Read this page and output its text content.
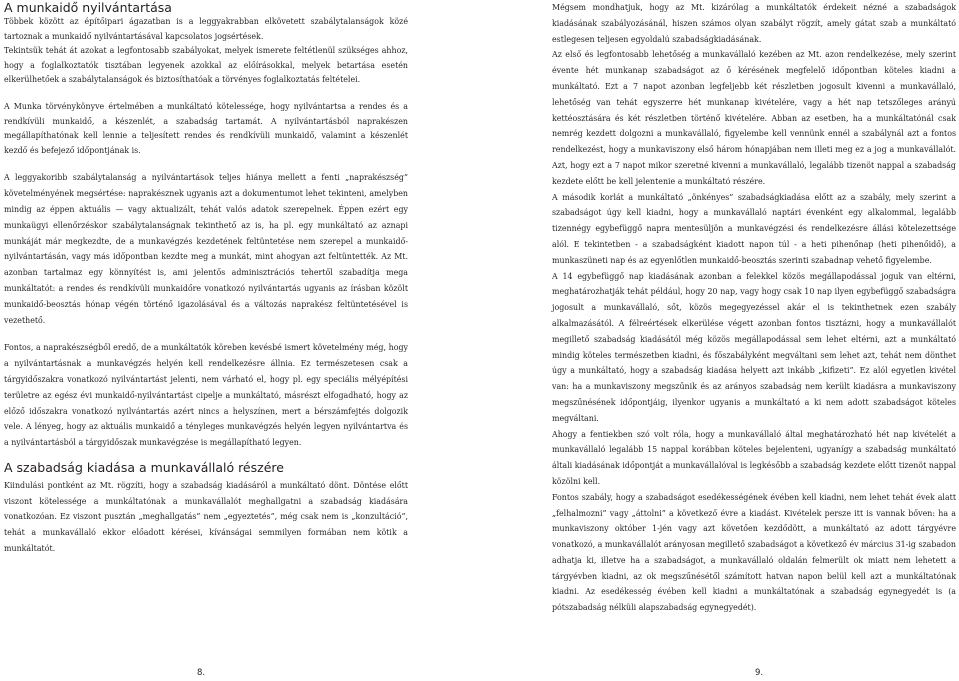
A munkaidő nyilvántartása

Többek között az építőipari ágazatban is a leggyakrabban elkövetett szabálytalanságok közé tartoznak a munkaidő nyilvántartásával kapcsolatos jogsértések.

Tekintsük tehát át azokat a legfontosabb szabályokat, melyek ismerete feltétlenül szükséges ahhoz, hogy a foglalkoztatók tisztában legyenek azokkal az előírásokkal, melyek betartása esetén elkerülhetőek a szabálytalanságok és biztosíthatóak a törvényes foglalkoztatás feltételei.

A Munka törvénykönyve értelmében a munkáltató kötelessége, hogy nyilvántartsa a rendes és a rendkívüli munkaidő, a készenlét, a szabadság tartamát. A nyilvántartásból naprakészen megállapíthatónak kell lennie a teljesített rendes és rendkívüli munkaidő, valamint a készenlét kezdő és befejező időpontjának is.

A leggyakoribb szabálytalanság a nyilvántartások teljes hiánya mellett a fenti „naprakészség” követelményének megsértése: naprakésznek ugyanis azt a dokumentumot lehet tekinteni, amelyben mindig az éppen aktuális — vagy aktualizált, tehát valós adatok szerepelnek. Éppen ezért egy munkaügyi ellenőrzéskor szabálytalanságnak tekinthető az is, ha pl. egy munkáltató az aznapi munkáját már megkezdte, de a munkavégzés kezdetének feltüntetése nem szerepel a munkaidő-nyilvántartásán, vagy más időpontban kezdte meg a munkát, mint ahogyan azt feltüntették. Az Mt. azonban tartalmaz egy könnyítést is, ami jelentős adminisztrációs tehertől szabadítja mega munkáltatót: a rendes és rendkívüli munkaidőre vonatkozó nyilvántartás ugyanis az írásban közölt munkaidő-beosztás hónap végén történő igazolásával és a változás naprakész feltüntetésével is vezethető.

Fontos, a naprakészségből eredő, de a munkáltatók köreben kevésbé ismert követelmény még, hogy a nyilvántartásnak a munkavégzés helyén kell rendelkezésre állnia. Ez természetesen csak a tárgyidőszakra vonatkozó nyilvántartást jelenti, nem várható el, hogy pl. egy speciális mélyépítési területre az egész évi munkaidő-nyilvántartást cipelje a munkáltató, másrészt elfogadható, hogy az előző időszakra vonatkozó nyilvántartás azért nincs a helyszínen, mert a bérszámfejtés dolgozik vele. A lényeg, hogy az aktuális munkaidő a tényleges munkavégzés helyén legyen nyilvántartva és a nyilvántartásból a tárgyidőszak munkavégzése is megállapítható legyen.

A szabadság kiadása a munkavállaló részére

Kiindulási pontként az Mt. rögzíti, hogy a szabadság kiadásáról a munkáltató dönt. Döntése előtt viszont kötelessége a munkáltatónak a munkavállalót meghallgatni a szabadság kiadására vonatkozóan. Ez viszont pusztán „meghallgatás” nem „egyeztetés”, még csak nem is „konzultáció”, tehát a munkavállaló ekkor előadott kérései, kívánságai semmilyen formában nem kötik a munkáltatót.

Mégsem mondhatjuk, hogy az Mt. kizárólag a munkáltatók érdekeit nézné a szabadságok kiadásának szabályozásánál, hiszen számos olyan szabályt rögzít, amely gátat szab a munkáltató estlegesen teljesen egyoldalú szabadságkiadásának.

Az első és legfontosabb lehetőség a munkavállaló kezében az Mt. azon rendelkezése, mely szerint évente hét munkanap szabadságot az ő kérésének megfelelő időpontban köteles kiadni a munkáltató. Ezt a 7 napot azonban legfeljebb két részletben jogosult kivenni a munkavállaló, lehetőség van tehát egyszerre hét munkanap kivételére, vagy a hét nap tetszőleges arányú kettéosztására és két részletben történő kivételére. Abban az esetben, ha a munkáltatónál csak nemrég kezdett dolgozni a munkavállaló, figyelembe kell vennünk ennél a szabálynál azt a fontos rendelkezést, hogy a munkaviszony első három hónapjában nem illeti meg ez a jog a munkavállalót. Azt, hogy ezt a 7 napot mikor szeretné kivenni a munkavállaló, legalább tizenöt nappal a szabadság kezdete előtt be kell jelentenie a munkáltató részére.

A második korlát a munkáltató „önkényes” szabadságkiadása előtt az a szabály, mely szerint a szabadságot úgy kell kiadni, hogy a munkavállaló naptári évenként egy alkalommal, legalább tizennégy egybefüggő napra mentesüljön a munkavégzési és rendelkezésre állási kötelezettsége alól. E tekintetben - a szabadságként kiadott napon túl - a heti pihenőnap (heti pihenőidő), a munkaszüneti nap és az egyenlőtlen munkaidő-beosztás szerinti szabadnap vehető figyelembe.

A 14 egybefüggő nap kiadásának azonban a felekkel közös megállapodással joguk van eltérni, meghatározhatják tehát például, hogy 20 nap, vagy hogy csak 10 nap ilyen egybefüggő szabadságra jogosult a munkavállaló, sőt, közös megegyezéssel akár el is tekinthetnek ezen szabály alkalmazásától. A félreértések elkerülése végett azonban fontos tisztázni, hogy a munkavállalót megillető szabadság kiadásától még közös megállapodással sem lehet eltérni, azt a munkáltató mindig köteles természetben kiadni, és főszabályként megváltani sem lehet azt, tehát nem dönthet úgy a munkáltató, hogy a szabadság kiadása helyett azt inkább „kifizeti”. Ez alól egyetlen kivétel van: ha a munkaviszony megszűnik és az arányos szabadság nem került kiadásra a munkaviszony megszűnésének időpontjáig, ilyenkor ugyanis a munkáltató a ki nem adott szabadságot köteles megváltani.

Ahogy a fentiekben szó volt róla, hogy a munkavállaló által meghatározható hét nap kivételét a munkavállaló legalább 15 nappal korábban köteles bejelenteni, ugyanígy a szabadság munkáltató általi kiadásának időpontját a munkavállalóval is legkésőbb a szabadság kezdete előtt tizenöt nappal közölni kell.

Fontos szabály, hogy a szabadságot esedékességének évében kell kiadni, nem lehet tehát évek alatt „felhalmozni” vagy „áttolni” a következő évre a kiadást. Kivételek persze itt is vannak bőven: ha a munkaviszony október 1-jén vagy azt követően kezdődött, a munkáltató az adott tárgyévre vonatkozó, a munkavállalót arányosan megillető szabadságot a következő év március 31-ig szabadon adhatja ki, illetve ha a szabadságot, a munkavállaló oldalán felmerült ok miatt nem lehetett a tárgyévben kiadni, az ok megszűnésétől számított hatvan napon belül kell azt a munkáltatónak kiadni. Az esedékesség évében kell kiadni a munkáltatónak a szabadság egynegyedét is (a pótszabadság nélküli alapszabadság egynegyedét).

8.	9.
